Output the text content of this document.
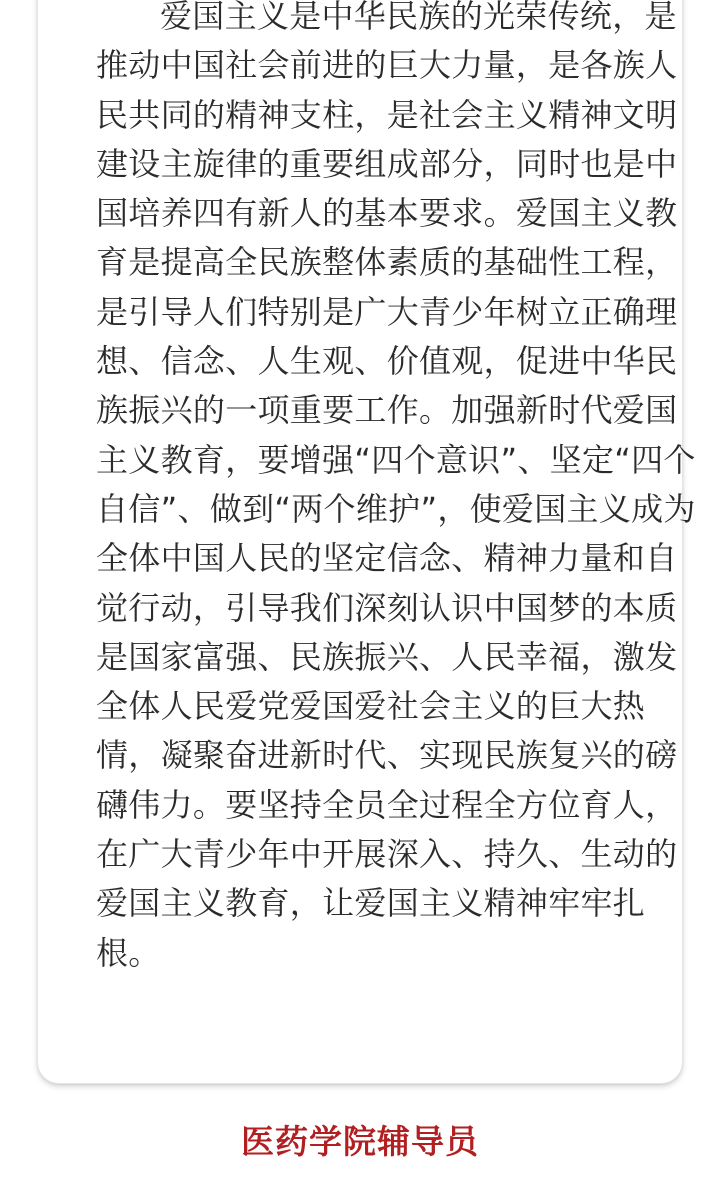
爱国主义是中华民族的光荣传统，是
推动中国社会前进的巨大力量，是各族人
民共同的精神支柱，是社会主义精神文明
建设主旋律的重要组成部分，同时也是中
国培养四有新人的基本要求。爱国主义教
育是提高全民族整体素质的基础性工程，
是引导人们特别是广大青少年树立正确理
想、信念、人生观、价值观，促进中华民
族振兴的一项重要工作。加强新时代爱国
主义教育，要增强“四个意识”、坚定“四个
自信”、做到“两个维护”，使爱国主义成为
全体中国人民的坚定信念、精神力量和自
觉行动，引导我们深刻认识中国梦的本质
是国家富强、民族振兴、人民幸福，激发
全体人民爱党爱国爱社会主义的巨大热
情，凝聚奋进新时代、实现民族复兴的磅
礴伟力。要坚持全员全过程全方位育人，
在广大青少年中开展深入、持久、生动的
爱国主义教育，让爱国主义精神牢牢扎
根。
医药学院辅导员
